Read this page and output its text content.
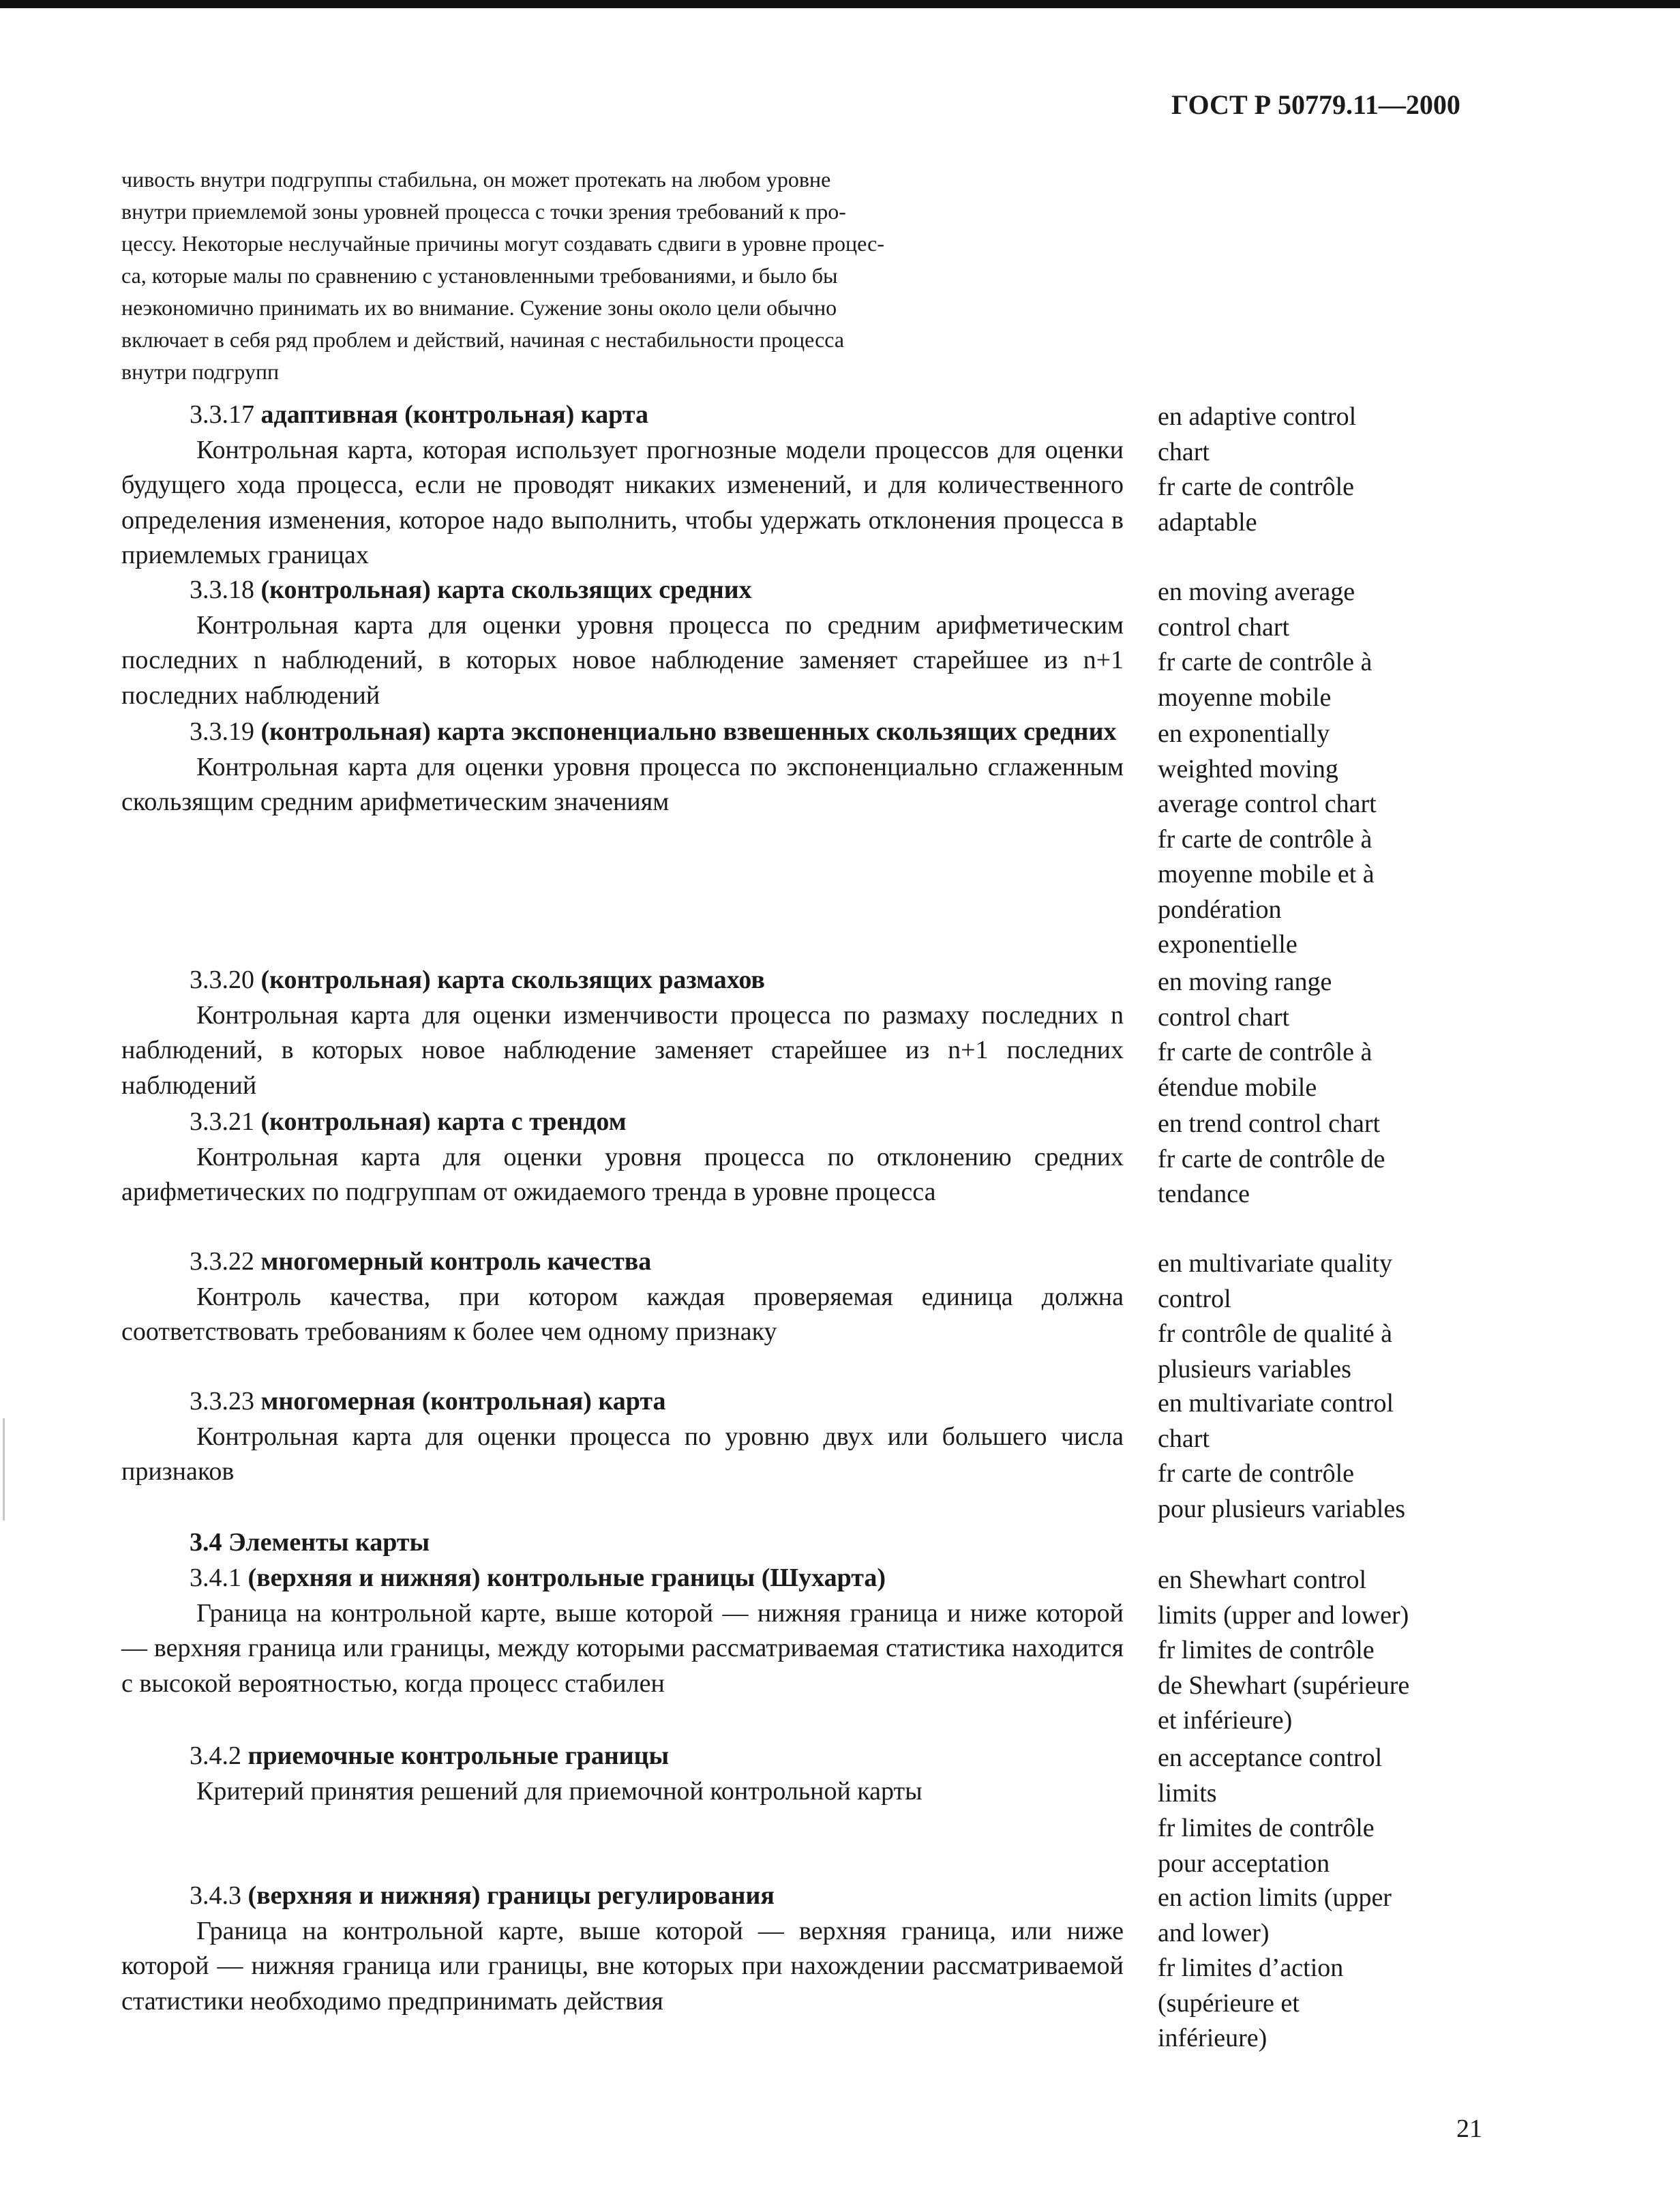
ГОСТ Р 50779.11—2000
чивость внутри подгруппы стабильна, он может протекать на любом уровне
внутри приемлемой зоны уровней процесса с точки зрения требований к про-
цессу. Некоторые неслучайные причины могут создавать сдвиги в уровне процес-
са, которые малы по сравнению с установленными требованиями, и было бы
неэкономично принимать их во внимание. Сужение зоны около цели обычно
включает в себя ряд проблем и действий, начиная с нестабильности процесса
внутри подгрупп
3.3.17 адаптивная (контрольная) карта
Контрольная карта, которая использует прогнозные модели процессов для оценки будущего хода процесса, если не проводят никаких изменений, и для количественного определения изменения, которое надо выполнить, чтобы удержать отклонения процесса в приемлемых границах
en adaptive control
chart
fr carte de contrôle
adaptable
3.3.18 (контрольная) карта скользящих средних
Контрольная карта для оценки уровня процесса по средним арифметическим последних n наблюдений, в которых новое наблюдение заменяет старейшее из n+1 последних наблюдений
en moving average
control chart
fr carte de contrôle à
moyenne mobile
3.3.19 (контрольная) карта экспоненциально взвешенных скользящих средних
Контрольная карта для оценки уровня процесса по экспоненциально сглаженным скользящим средним арифметическим значениям
en exponentially
weighted moving
average control chart
fr carte de contrôle à
moyenne mobile et à
pondération
exponentielle
3.3.20 (контрольная) карта скользящих размахов
Контрольная карта для оценки изменчивости процесса по размаху последних n наблюдений, в которых новое наблюдение заменяет старейшее из n+1 последних наблюдений
en moving range
control chart
fr carte de contrôle à
étendue mobile
3.3.21 (контрольная) карта с трендом
Контрольная карта для оценки уровня процесса по отклонению средних арифметических по подгруппам от ожидаемого тренда в уровне процесса
en trend control chart
fr carte de contrôle de
tendance
3.3.22 многомерный контроль качества
Контроль качества, при котором каждая проверяемая единица должна соответствовать требованиям к более чем одному признаку
en multivariate quality
control
fr contrôle de qualité à
plusieurs variables
3.3.23 многомерная (контрольная) карта
Контрольная карта для оценки процесса по уровню двух или большего числа признаков
en multivariate control
chart
fr carte de contrôle
pour plusieurs variables
3.4 Элементы карты
3.4.1 (верхняя и нижняя) контрольные границы (Шухарта)
Граница на контрольной карте, выше которой — нижняя граница и ниже которой — верхняя граница или границы, между которыми рассматриваемая статистика находится с высокой вероятностью, когда процесс стабилен
en Shewhart control
limits (upper and lower)
fr limites de contrôle
de Shewhart (supérieure
et inférieure)
3.4.2 приемочные контрольные границы
Критерий принятия решений для приемочной контрольной карты
en acceptance control
limits
fr limites de contrôle
pour acceptation
3.4.3 (верхняя и нижняя) границы регулирования
Граница на контрольной карте, выше которой — верхняя граница, или ниже которой — нижняя граница или границы, вне которых при нахождении рассматриваемой статистики необходимо предпринимать действия
en action limits (upper
and lower)
fr limites d’action
(supérieure et
inférieure)
21
